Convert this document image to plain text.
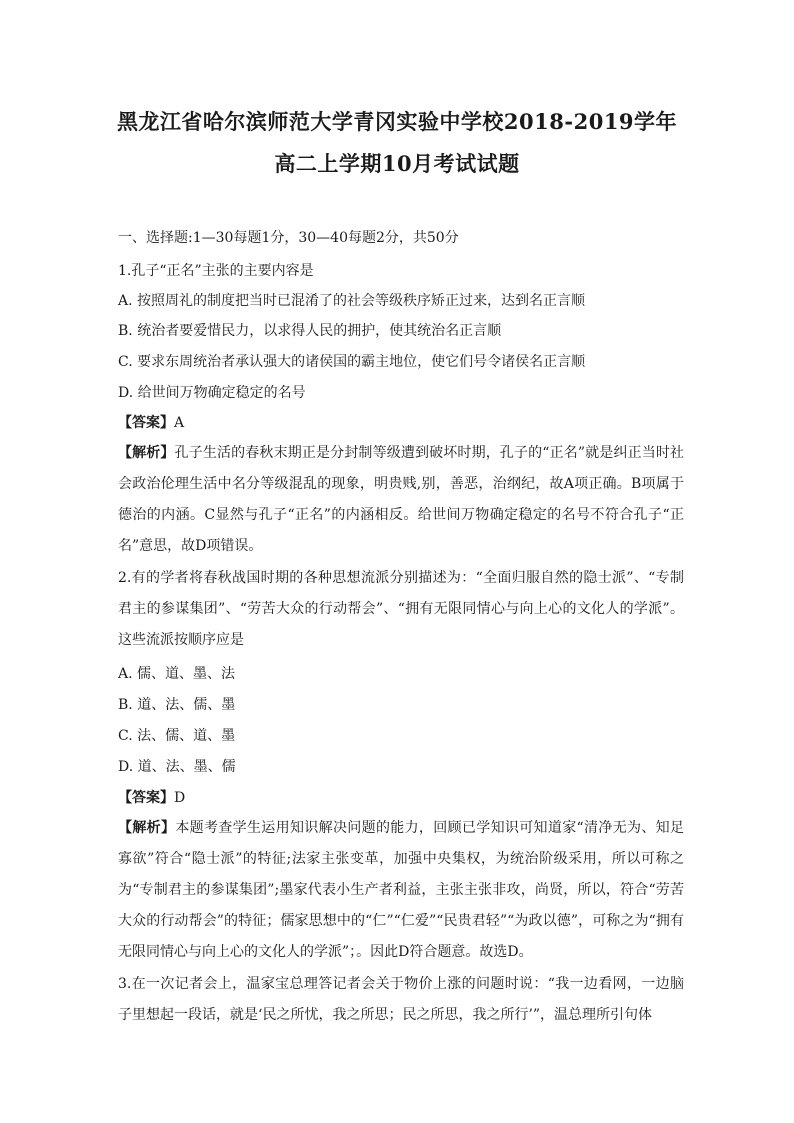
黑龙江省哈尔滨师范大学青冈实验中学校2018-2019学年
高二上学期10月考试试题
一、选择题:1—30每题1分，30—40每题2分，共50分
1.孔子“正名”主张的主要内容是
A. 按照周礼的制度把当时已混淆了的社会等级秩序矫正过来，达到名正言顺
B. 统治者要爱惜民力，以求得人民的拥护，使其统治名正言顺
C. 要求东周统治者承认强大的诸侯国的霸主地位，使它们号令诸侯名正言顺
D. 给世间万物确定稳定的名号
【答案】A
【解析】孔子生活的春秋末期正是分封制等级遭到破坏时期，孔子的“正名”就是纠正当时社会政治伦理生活中名分等级混乱的现象，明贵贱,别，善恶，治纲纪，故A项正确。B项属于德治的内涵。C显然与孔子“正名”的内涵相反。给世间万物确定稳定的名号不符合孔子“正名”意思，故D项错误。
2.有的学者将春秋战国时期的各种思想流派分别描述为：“全面归服自然的隐士派”、“专制君主的参谋集团”、“劳苦大众的行动帮会”、“拥有无限同情心与向上心的文化人的学派”。这些流派按顺序应是
A. 儒、道、墨、法
B. 道、法、儒、墨
C. 法、儒、道、墨
D. 道、法、墨、儒
【答案】D
【解析】本题考查学生运用知识解决问题的能力，回顾已学知识可知道家“清净无为、知足寡欲”符合“隐士派”的特征;法家主张变革，加强中央集权，为统治阶级采用，所以可称之为“专制君主的参谋集团”;墨家代表小生产者利益，主张主张非攻，尚贤，所以，符合“劳苦大众的行动帮会”的特征；儒家思想中的“仁”“仁爱”“民贵君轻”“为政以德”，可称之为“拥有无限同情心与向上心的文化人的学派”；。因此D符合题意。故选D。
3.在一次记者会上，温家宝总理答记者会关于物价上涨的问题时说：“我一边看网，一边脑子里想起一段话，就是‘民之所忧，我之所思；民之所思，我之所行’”，温总理所引句体
